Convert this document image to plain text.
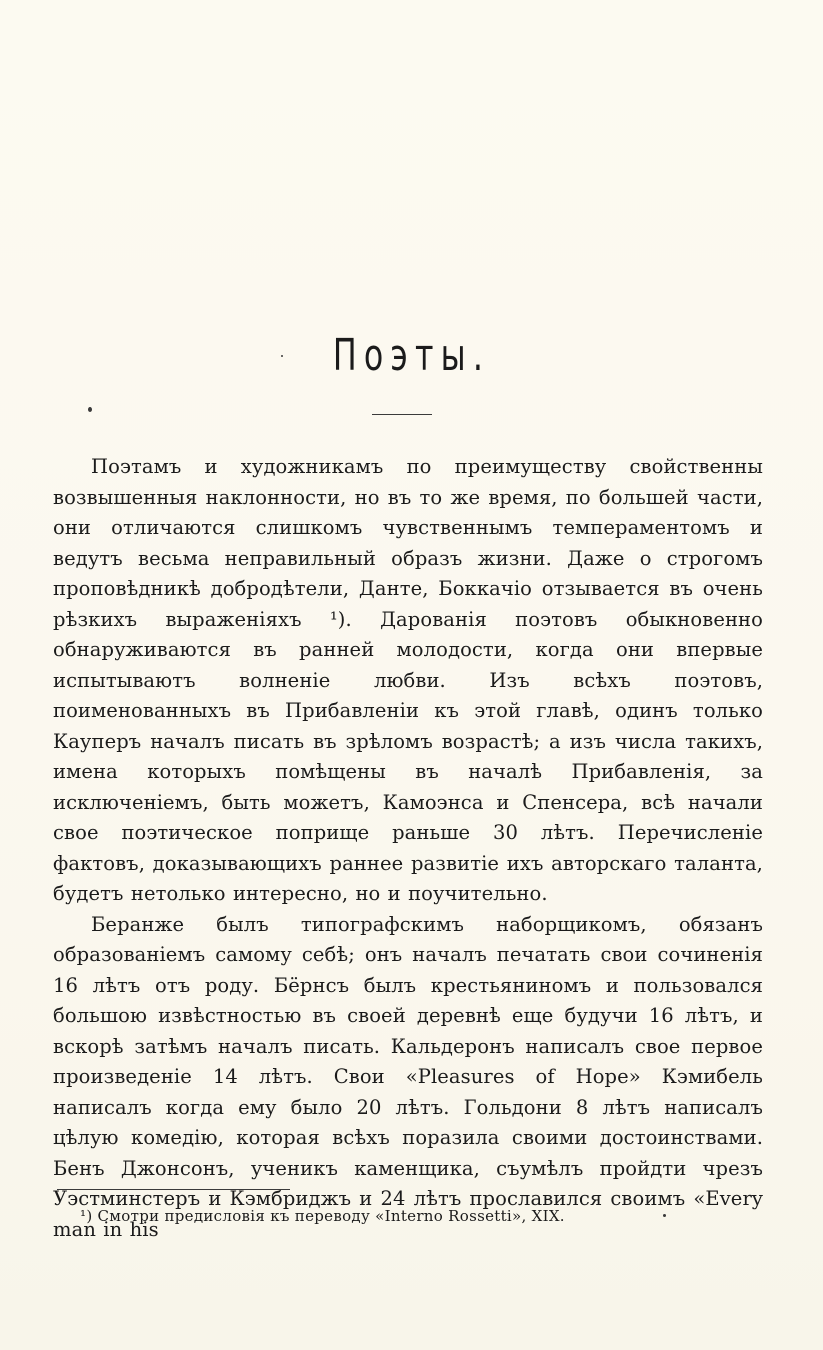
Поэты.

Поэтамъ и художникамъ по преимуществу свойственны возвышенныя наклонности, но въ то же время, по большей части, они отличаются слишкомъ чувственнымъ темпераментомъ и ведутъ весьма неправильный образъ жизни. Даже о строгомъ проповѣдникѣ добродѣтели, Данте, Боккачіо отзывается въ очень рѣзкихъ выраженіяхъ ¹). Дарованія поэтовъ обыкновенно обнаруживаются въ ранней молодости, когда они впервые испытываютъ волненіе любви. Изъ всѣхъ поэтовъ, поименованныхъ въ Прибавленіи къ этой главѣ, одинъ только Кауперъ началъ писать въ зрѣломъ возрастѣ; а изъ числа такихъ, имена которыхъ помѣщены въ началѣ Прибавленія, за исключеніемъ, быть можетъ, Камоэнса и Спенсера, всѣ начали свое поэтическое поприще раньше 30 лѣтъ. Перечисленіе фактовъ, доказывающихъ раннее развитіе ихъ авторскаго таланта, будетъ нетолько интересно, но и поучительно.

Беранже былъ типографскимъ наборщикомъ, обязанъ образованіемъ самому себѣ; онъ началъ печатать свои сочиненія 16 лѣтъ отъ роду. Бёрнсъ былъ крестьяниномъ и пользовался большою извѣстностью въ своей деревнѣ еще будучи 16 лѣтъ, и вскорѣ затѣмъ началъ писать. Кальдеронъ написалъ свое первое произведеніе 14 лѣтъ. Свои «Pleasures of Hope» Кэмибель написалъ когда ему было 20 лѣтъ. Гольдони 8 лѣтъ написалъ цѣлую комедію, которая всѣхъ поразила своими достоинствами. Бенъ Джонсонъ, ученикъ каменщика, съумѣлъ пройдти чрезъ Уэстминстеръ и Кэмбриджъ и 24 лѣтъ прославился своимъ «Every man in his

¹) Смотри предисловія къ переводу «Interno Rossetti», XIX.
